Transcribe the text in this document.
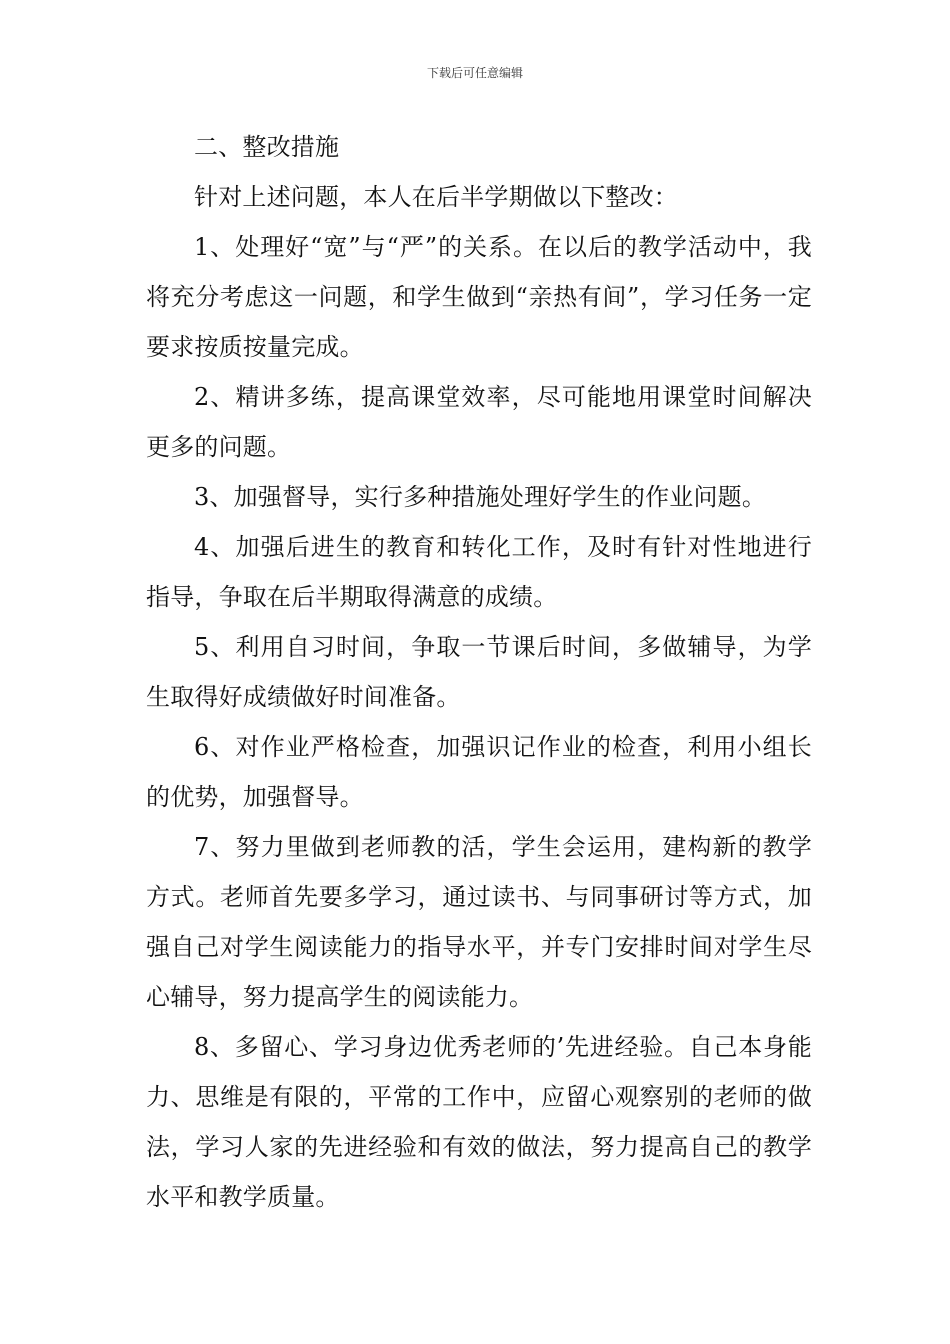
下载后可任意编辑

二、整改措施

针对上述问题，本人在后半学期做以下整改：

1、处理好“宽”与“严”的关系。在以后的教学活动中，我将充分考虑这一问题，和学生做到“亲热有间”，学习任务一定要求按质按量完成。

2、精讲多练，提高课堂效率，尽可能地用课堂时间解决更多的问题。

3、加强督导，实行多种措施处理好学生的作业问题。

4、加强后进生的教育和转化工作，及时有针对性地进行指导，争取在后半期取得满意的成绩。

5、利用自习时间，争取一节课后时间，多做辅导，为学生取得好成绩做好时间准备。

6、对作业严格检查，加强识记作业的检查，利用小组长的优势，加强督导。

7、努力里做到老师教的活，学生会运用，建构新的教学方式。老师首先要多学习，通过读书、与同事研讨等方式，加强自己对学生阅读能力的指导水平，并专门安排时间对学生尽心辅导，努力提高学生的阅读能力。

8、多留心、学习身边优秀老师的’先进经验。自己本身能力、思维是有限的，平常的工作中，应留心观察别的老师的做法，学习人家的先进经验和有效的做法，努力提高自己的教学水平和教学质量。
